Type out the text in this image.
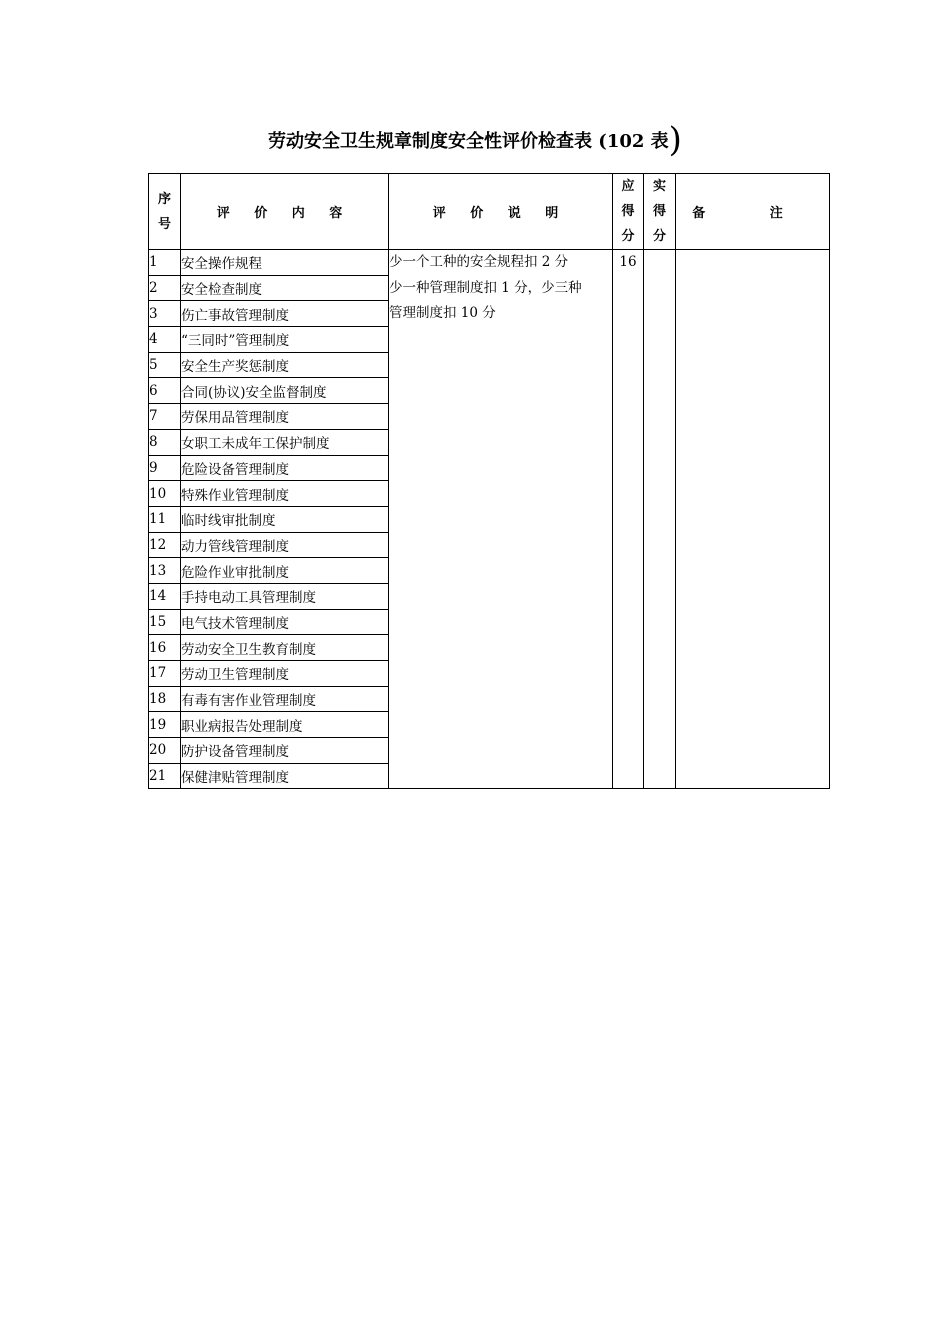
劳动安全卫生规章制度安全性评价检查表 (102 表)
序
号	评 价 内 容	评 价 说 明	应
得
分	实
得
分	备 注
1	安全操作规程	少一个工种的安全规程扣 2 分
少一种管理制度扣 1 分，少三种
管理制度扣 10 分	16		
2	安全检查制度				
3	伤亡事故管理制度				
4	“三同时”管理制度				
5	安全生产奖惩制度				
6	合同(协议)安全监督制度				
7	劳保用品管理制度				
8	女职工未成年工保护制度				
9	危险设备管理制度				
10	特殊作业管理制度				
11	临时线审批制度				
12	动力管线管理制度				
13	危险作业审批制度				
14	手持电动工具管理制度				
15	电气技术管理制度				
16	劳动安全卫生教育制度				
17	劳动卫生管理制度				
18	有毒有害作业管理制度				
19	职业病报告处理制度				
20	防护设备管理制度				
21	保健津贴管理制度				
